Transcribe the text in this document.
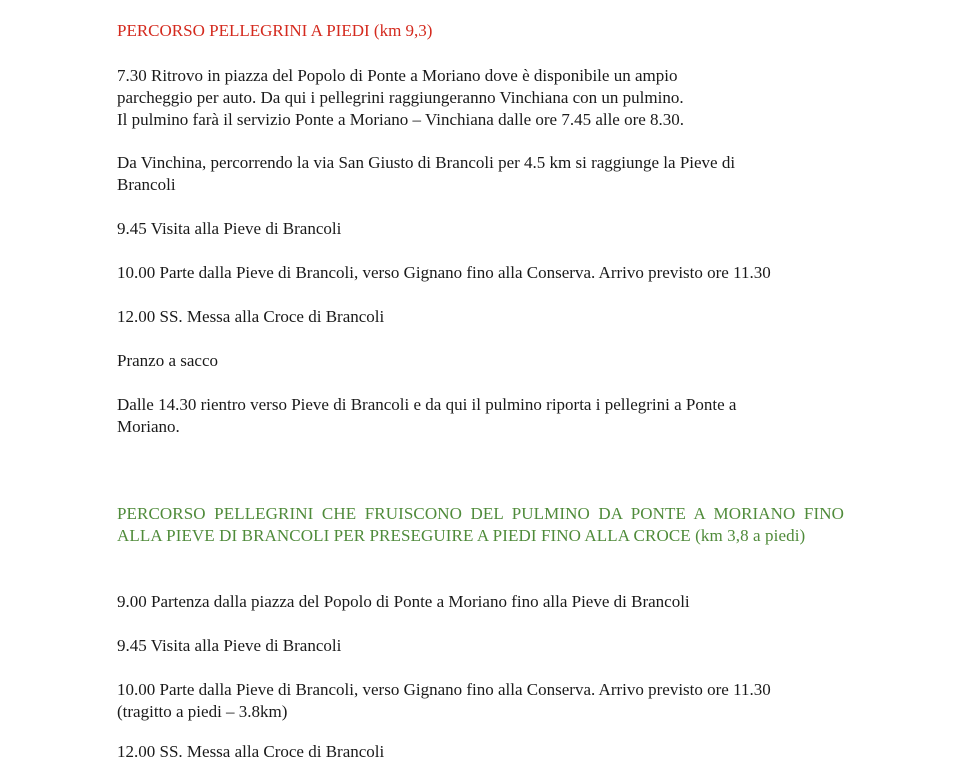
PERCORSO PELLEGRINI A PIEDI (km 9,3)

7.30 Ritrovo in piazza del Popolo di Ponte a Moriano dove è disponibile un ampio

parcheggio per auto. Da qui i pellegrini raggiungeranno Vinchiana con un pulmino.

Il pulmino farà il servizio Ponte a Moriano – Vinchiana dalle ore 7.45 alle ore 8.30.

Da Vinchina, percorrendo la via San Giusto di Brancoli per 4.5 km si raggiunge la Pieve di

Brancoli

9.45 Visita alla Pieve di Brancoli

10.00 Parte dalla Pieve di Brancoli, verso Gignano fino alla Conserva. Arrivo previsto ore 11.30

12.00 SS. Messa alla Croce di Brancoli

Pranzo a sacco

Dalle 14.30 rientro verso Pieve di Brancoli e da qui il pulmino riporta i pellegrini a Ponte a

Moriano.

PERCORSO PELLEGRINI CHE FRUISCONO DEL PULMINO DA PONTE A MORIANO FINO ALLA PIEVE DI BRANCOLI PER PRESEGUIRE A PIEDI FINO ALLA CROCE (km 3,8 a piedi)

9.00 Partenza dalla piazza del Popolo di Ponte a Moriano fino alla Pieve di Brancoli

9.45 Visita alla Pieve di Brancoli

10.00 Parte dalla Pieve di Brancoli, verso Gignano fino alla Conserva. Arrivo previsto ore 11.30

(tragitto a piedi – 3.8km)

12.00 SS. Messa alla Croce di Brancoli
